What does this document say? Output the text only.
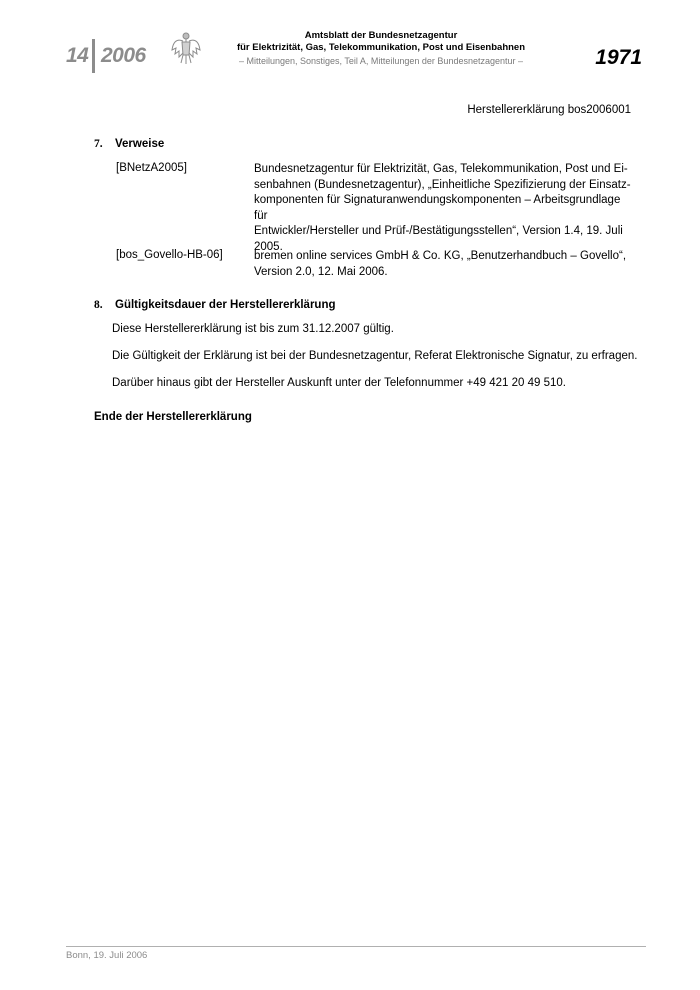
14 2006
Amtsblatt der Bundesnetzagentur
für Elektrizität, Gas, Telekommunikation, Post und Eisenbahnen
– Mitteilungen, Sonstiges, Teil A, Mitteilungen der Bundesnetzagentur –	1971
Herstellererklärung bos2006001
7. Verweise
[BNetzA2005]	Bundesnetzagentur für Elektrizität, Gas, Telekommunikation, Post und Ei-
senbahnen (Bundesnetzagentur), „Einheitliche Spezifizierung der Einsatz-
komponenten für Signaturanwendungskomponenten – Arbeitsgrundlage für
Entwickler/Hersteller und Prüf-/Bestätigungsstellen“, Version 1.4, 19. Juli
2005.
[bos_Govello-HB-06]	bremen online services GmbH & Co. KG, „Benutzerhandbuch – Govello“,
Version 2.0, 12. Mai 2006.
8. Gültigkeitsdauer der Herstellererklärung
Diese Herstellererklärung ist bis zum 31.12.2007 gültig.
Die Gültigkeit der Erklärung ist bei der Bundesnetzagentur, Referat Elektronische Signatur, zu erfragen.
Darüber hinaus gibt der Hersteller Auskunft unter der Telefonnummer +49 421 20 49 510.
Ende der Herstellererklärung
Bonn, 19. Juli 2006
